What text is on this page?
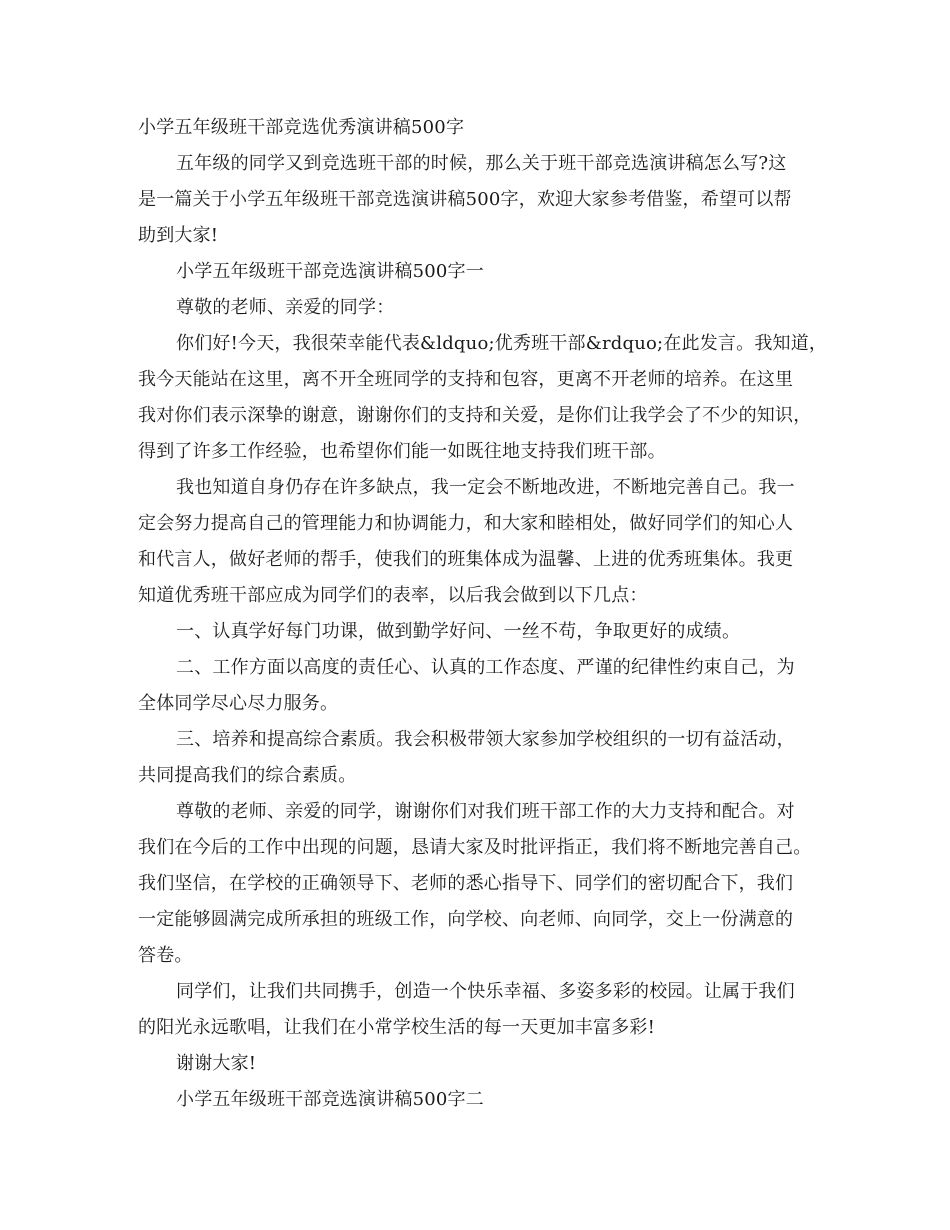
小学五年级班干部竞选优秀演讲稿500字

五年级的同学又到竞选班干部的时候，那么关于班干部竞选演讲稿怎么写?这

是一篇关于小学五年级班干部竞选演讲稿500字，欢迎大家参考借鉴，希望可以帮

助到大家!

小学五年级班干部竞选演讲稿500字一

尊敬的老师、亲爱的同学：

你们好!今天，我很荣幸能代表&ldquo;优秀班干部&rdquo;在此发言。我知道，

我今天能站在这里，离不开全班同学的支持和包容，更离不开老师的培养。在这里

我对你们表示深挚的谢意，谢谢你们的支持和关爱，是你们让我学会了不少的知识，

得到了许多工作经验，也希望你们能一如既往地支持我们班干部。

我也知道自身仍存在许多缺点，我一定会不断地改进，不断地完善自己。我一

定会努力提高自己的管理能力和协调能力，和大家和睦相处，做好同学们的知心人

和代言人，做好老师的帮手，使我们的班集体成为温馨、上进的优秀班集体。我更

知道优秀班干部应成为同学们的表率，以后我会做到以下几点：

一、认真学好每门功课，做到勤学好问、一丝不苟，争取更好的成绩。

二、工作方面以高度的责任心、认真的工作态度、严谨的纪律性约束自己，为

全体同学尽心尽力服务。

三、培养和提高综合素质。我会积极带领大家参加学校组织的一切有益活动，

共同提高我们的综合素质。

尊敬的老师、亲爱的同学，谢谢你们对我们班干部工作的大力支持和配合。对

我们在今后的工作中出现的问题，恳请大家及时批评指正，我们将不断地完善自己。

我们坚信，在学校的正确领导下、老师的悉心指导下、同学们的密切配合下，我们

一定能够圆满完成所承担的班级工作，向学校、向老师、向同学，交上一份满意的

答卷。

同学们，让我们共同携手，创造一个快乐幸福、多姿多彩的校园。让属于我们

的阳光永远歌唱，让我们在小常学校生活的每一天更加丰富多彩!

谢谢大家!

小学五年级班干部竞选演讲稿500字二
